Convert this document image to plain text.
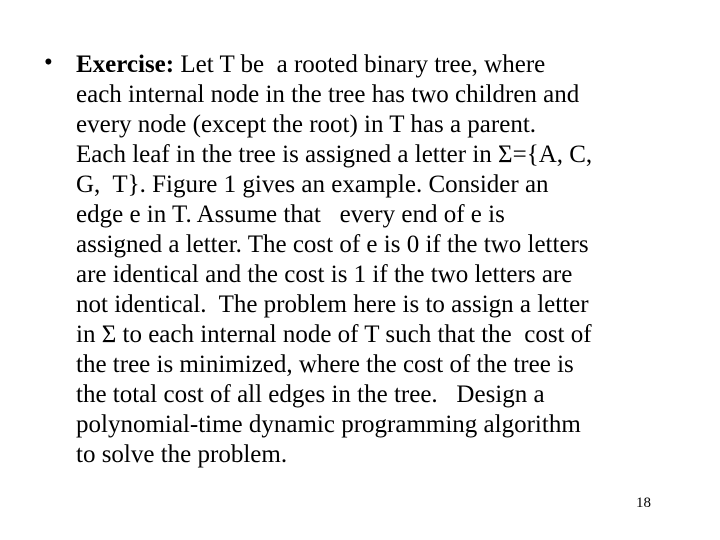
• Exercise: Let T be  a rooted binary tree, where
each internal node in the tree has two children and
every node (except the root) in T has a parent.
Each leaf in the tree is assigned a letter in Σ={A, C,
G,  T}. Figure 1 gives an example. Consider an
edge e in T. Assume that   every end of e is
assigned a letter. The cost of e is 0 if the two letters
are identical and the cost is 1 if the two letters are
not identical.  The problem here is to assign a letter
in Σ to each internal node of T such that the  cost of
the tree is minimized, where the cost of the tree is
the total cost of all edges in the tree.   Design a
polynomial-time dynamic programming algorithm
to solve the problem.

18
